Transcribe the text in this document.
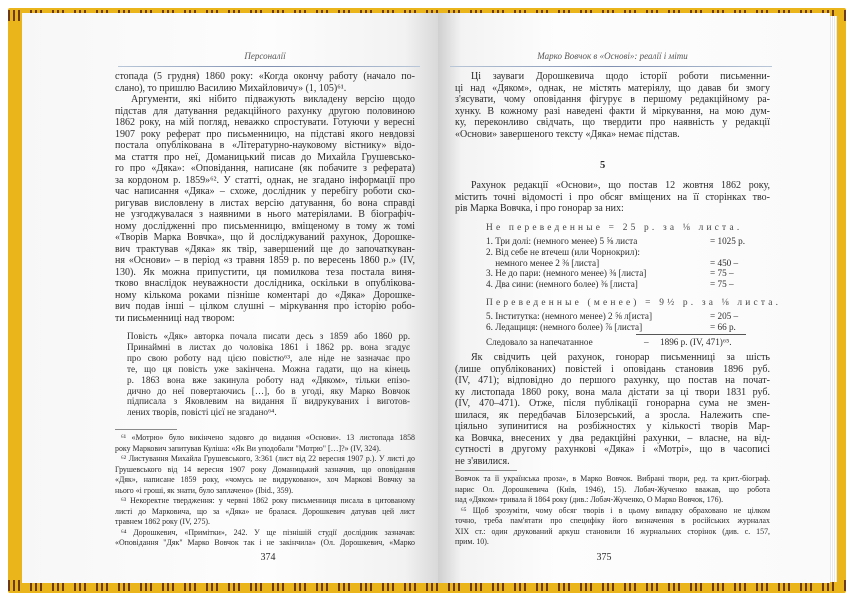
Персоналії
стопада (5 грудня) 1860 року: «Когда окончу работу (начало по-
слано), то пришлю Василию Михайловичу» (1, 105)⁶¹.
Аргументи, які нібито підважують викладену версію щодо
підстав для датування редакційного рахунку другою половиною
1862 року, на мій погляд, неважко спростувати. Готуючи у вересні
1907 року реферат про письменницю, на підставі якого невдовзі
постала опублікована в «Літературно-науковому вістнику» відо-
ма стаття про неї, Доманицький писав до Михайла Грушевсько-
го про «Дяка»: «Оповідання, написане (як побачите з реферата)
за кордоном р. 1859»⁶². У статті, однак, не згадано інформації про
час написання «Дяка» – схоже, дослідник у перебігу роботи ско-
ригував висловлену в листах версію датування, бо вона справді
не узгоджувалася з наявними в нього матеріялами. В біографіч-
ному дослідженні про письменницю, вміщеному в тому ж томі
«Творів Марка Вовчка», що й досліджуваний рахунок, Дорошке-
вич трактував «Дяка» як твір, завершений ще до започаткуван-
ня «Основи» – в період «з травня 1859 р. по вересень 1860 р.» (IV,
130). Як можна припустити, ця помилкова теза постала виня-
тково внаслідок неуважности дослідника, оскільки в опублікова-
ному кількома роками пізніше коментарі до «Дяка» Дорошке-
вич подав інші – цілком слушні – міркування про історію робо-
ти письменниці над твором:
Повість «Дяк» авторка почала писати десь з 1859 або 1860 рр.
Принаймні в листах до чоловіка 1861 і 1862 рр. вона згадує
про свою роботу над цією повістю⁶³, але ніде не зазначає про
те, що ця повість уже закінчена. Можна гадати, що на кінець
р. 1863 вона вже закинула роботу над «Дяком», тільки епізо-
дично до неї повертаючись […], бо в угоді, яку Марко Вовчок
підписала з Яковлевим на видання її видрукуваних і виготов-
лених творів, повісті цієї не згадано⁶⁴.
⁶¹ «Мотрю» було викінчено задовго до видання «Основи». 13 листопада 1858
року Маркович запитував Куліша: «Як Ви уподобали "Мотрю" […]?» (IV, 324).
⁶² Листування Михайла Грушевського, 3:361 (лист від 22 вересня 1907 р.). У листі до
Грушевського від 14 вересня 1907 року Доманицький зазначив, що оповідання
«Дяк», написане 1859 року, «чомусь не видруковано», хоч Маркові Вовчку за
нього «і гроші, як знати, було заплачено» (Ibid., 359).
⁶³ Некоректне твердження: у червні 1862 року письменниця писала в цитованому
листі до Марковича, що за «Дяка» не бралася. Дорошкевич датував цей лист
травнем 1862 року (IV, 275).
⁶⁴ Дорошкевич, «Примітки», 242. У ще пізнішій студії дослідник зазначав:
«Оповідання "Дяк" Марко Вовчок так і не закінчила» (Ол. Дорошкевич, «Марко
374
Марко Вовчок в «Основі»: реалії і міти
Ці зауваги Дорошкевича щодо історії роботи письменни-
ці над «Дяком», однак, не містять матеріялу, що давав би змогу
з'ясувати, чому оповідання фігурує в першому редакційному ра-
хунку. В кожному разі наведені факти й міркування, на мою дум-
ку, переконливо свідчать, що твердити про наявність у редакції
«Основи» завершеного тексту «Дяка» немає підстав.
5
Рахунок редакції «Основи», що постав 12 жовтня 1862 року,
містить точні відомості і про обсяг вміщених на її сторінках тво-
рів Марка Вовчка, і про гонорар за них:
Не переведенные = 25 р. за ⅛ листа.
1. Три долі: (немного менее) 5 ⅝ листа	= 1025 р.
2. Від себе не втечеш (или Чорнокрил):
немного менее 2 ⅜ [листа]	= 450 –
3. Не до пари: (немного менее) ⅜ [листа]	= 75 –
4. Два сини: (немного более) ⅜ [листа]	= 75 –
Переведенные (менее) = 9½ р. за ⅛ листа.
5. Інститутка: (немного менее) 2 ⅝ л[иста]	= 205 –
6. Ледащиця: (немного более) ⅞ [листа]	= 66 р.
Следовало за напечатанное	– 1896 р. (IV, 471)⁶⁵.
Як свідчить цей рахунок, гонорар письменниці за шість
(лише опублікованих) повістей і оповідань становив 1896 руб.
(IV, 471); відповідно до першого рахунку, що постав на почат-
ку листопада 1860 року, вона мала дістати за ці твори 1831 руб.
(IV, 470–471). Отже, після публікації гонорарна сума не змен-
шилася, як передбачав Білозерський, а зросла. Належить спе-
ціяльно зупинитися на розбіжностях у кількості творів Мар-
ка Вовчка, внесених у два редакційні рахунки, – власне, на від-
сутності в другому рахункові «Дяка» і «Мотрі», що в часописі
не з'явилися.
Вовчок та її українська проза», в Марко Вовчок. Вибрані твори, ред. та крит.-біограф.
нарис Ол. Дорошкевича (Київ, 1946), 15). Лобач-Жученко вважав, що робота
над «Дяком» тривала й 1864 року (див.: Лобач-Жученко, О Марко Вовчок, 176).
⁶⁵ Щоб зрозуміти, чому обсяг творів і в цьому випадку обраховано не цілком
точно, треба пам'ятати про специфіку його визначення в російських журналах
XIX ст.: один друкований аркуш становили 16 журнальних сторінок (див. с. 157,
прим. 10).
375
